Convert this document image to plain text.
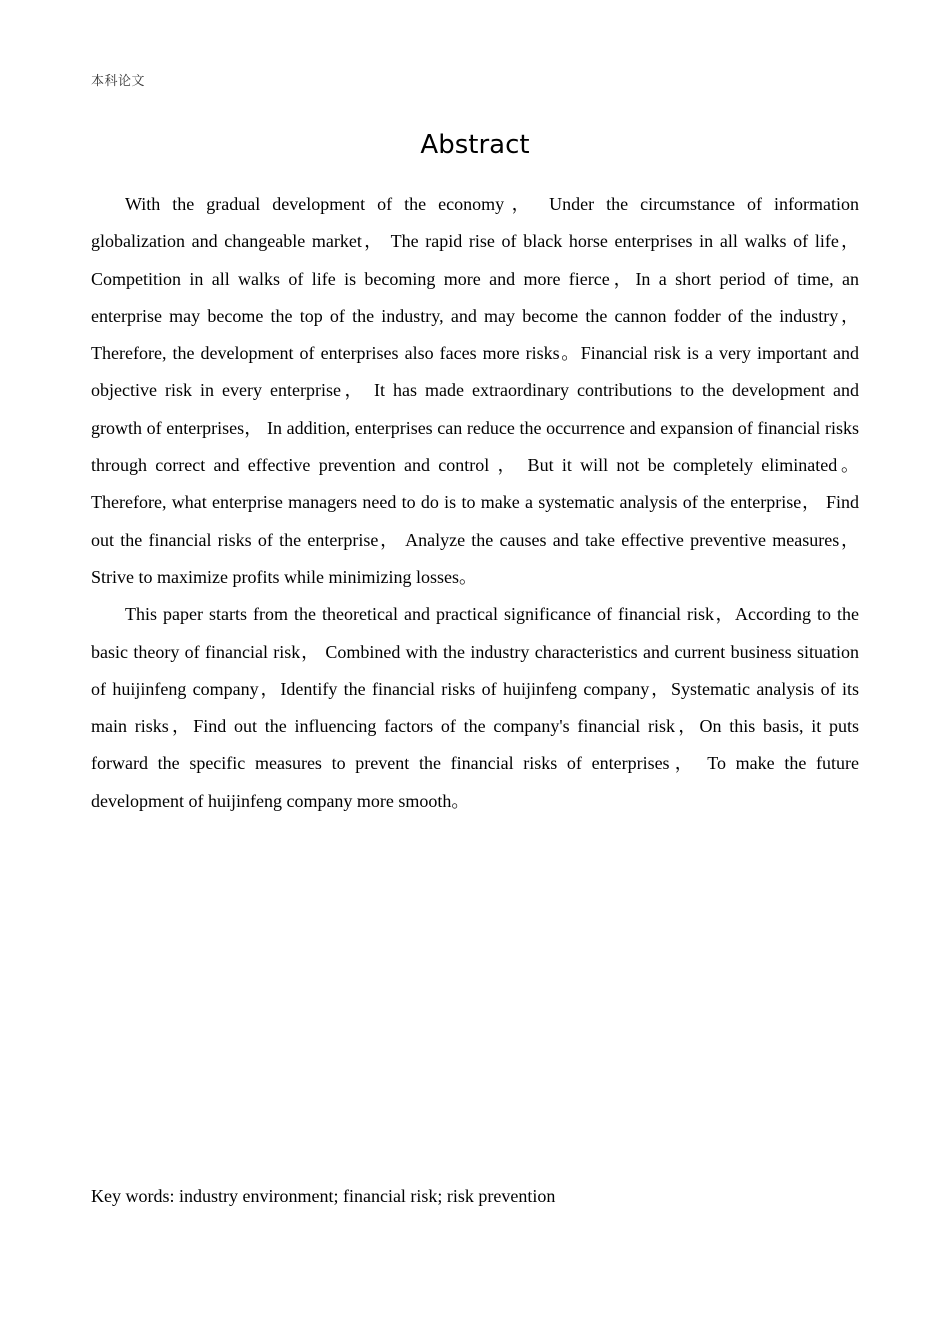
本科论文
Abstract

With the gradual development of the economy， Under the circumstance of information globalization and changeable market， The rapid rise of black horse enterprises in all walks of life，Competition in all walks of life is becoming more and more fierce，In a short period of time, an enterprise may become the top of the industry, and may become the cannon fodder of the industry， Therefore, the development of enterprises also faces more risks。Financial risk is a very important and objective risk in every enterprise， It has made extraordinary contributions to the development and growth of enterprises， In addition, enterprises can reduce the occurrence and expansion of financial risks through correct and effective prevention and control ， But it will not be completely eliminated。Therefore, what enterprise managers need to do is to make a systematic analysis of the enterprise， Find out the financial risks of the enterprise， Analyze the causes and take effective preventive measures，Strive to maximize profits while minimizing losses。

This paper starts from the theoretical and practical significance of financial risk，According to the basic theory of financial risk， Combined with the industry characteristics and current business situation of huijinfeng company，Identify the financial risks of huijinfeng company，Systematic analysis of its main risks，Find out the influencing factors of the company's financial risk，On this basis, it puts forward the specific measures to prevent the financial risks of enterprises， To make the future development of huijinfeng company more smooth。

Key words: industry environment; financial risk; risk prevention
